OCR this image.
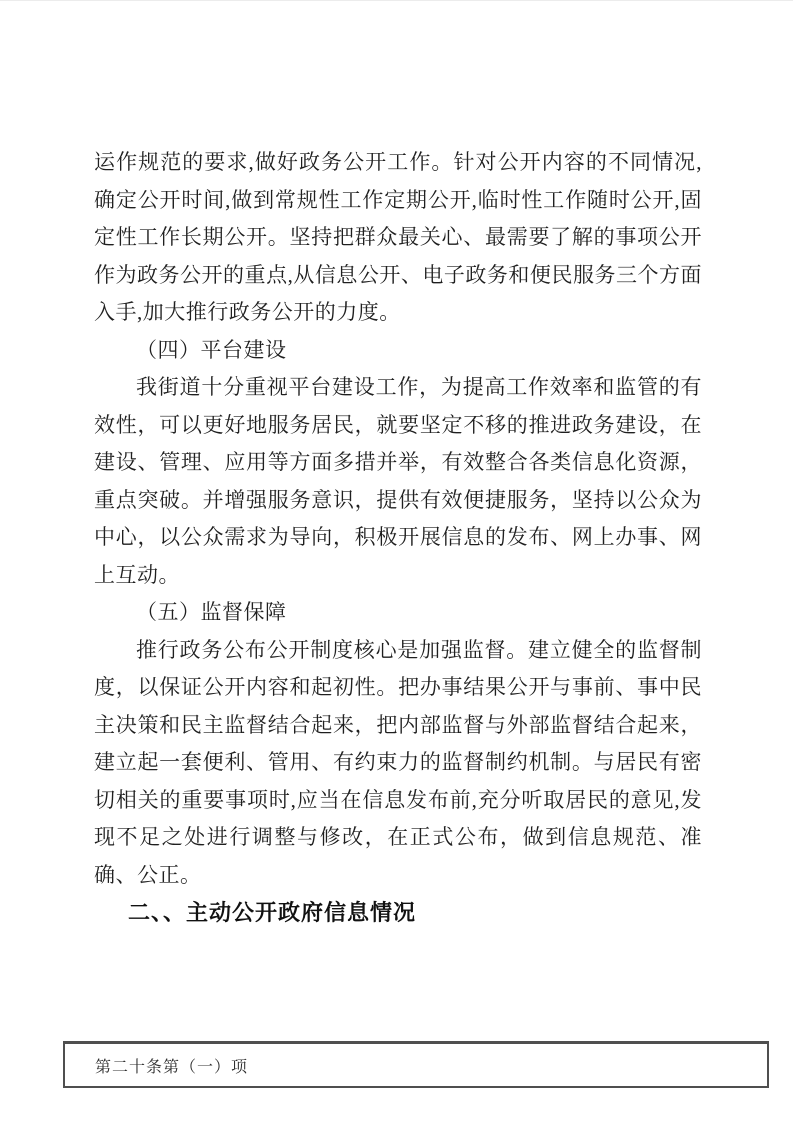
运作规范的要求,做好政务公开工作。针对公开内容的不同情况,确定公开时间,做到常规性工作定期公开,临时性工作随时公开,固定性工作长期公开。坚持把群众最关心、最需要了解的事项公开作为政务公开的重点,从信息公开、电子政务和便民服务三个方面入手,加大推行政务公开的力度。

（四）平台建设

我街道十分重视平台建设工作，为提高工作效率和监管的有效性，可以更好地服务居民，就要坚定不移的推进政务建设，在建设、管理、应用等方面多措并举，有效整合各类信息化资源，重点突破。并增强服务意识，提供有效便捷服务，坚持以公众为中心，以公众需求为导向，积极开展信息的发布、网上办事、网上互动。

（五）监督保障

推行政务公布公开制度核心是加强监督。建立健全的监督制度，以保证公开内容和起初性。把办事结果公开与事前、事中民主决策和民主监督结合起来，把内部监督与外部监督结合起来，建立起一套便利、管用、有约束力的监督制约机制。与居民有密切相关的重要事项时,应当在信息发布前,充分听取居民的意见,发现不足之处进行调整与修改，在正式公布，做到信息规范、准确、公正。

二、、主动公开政府信息情况

第二十条第（一）项
